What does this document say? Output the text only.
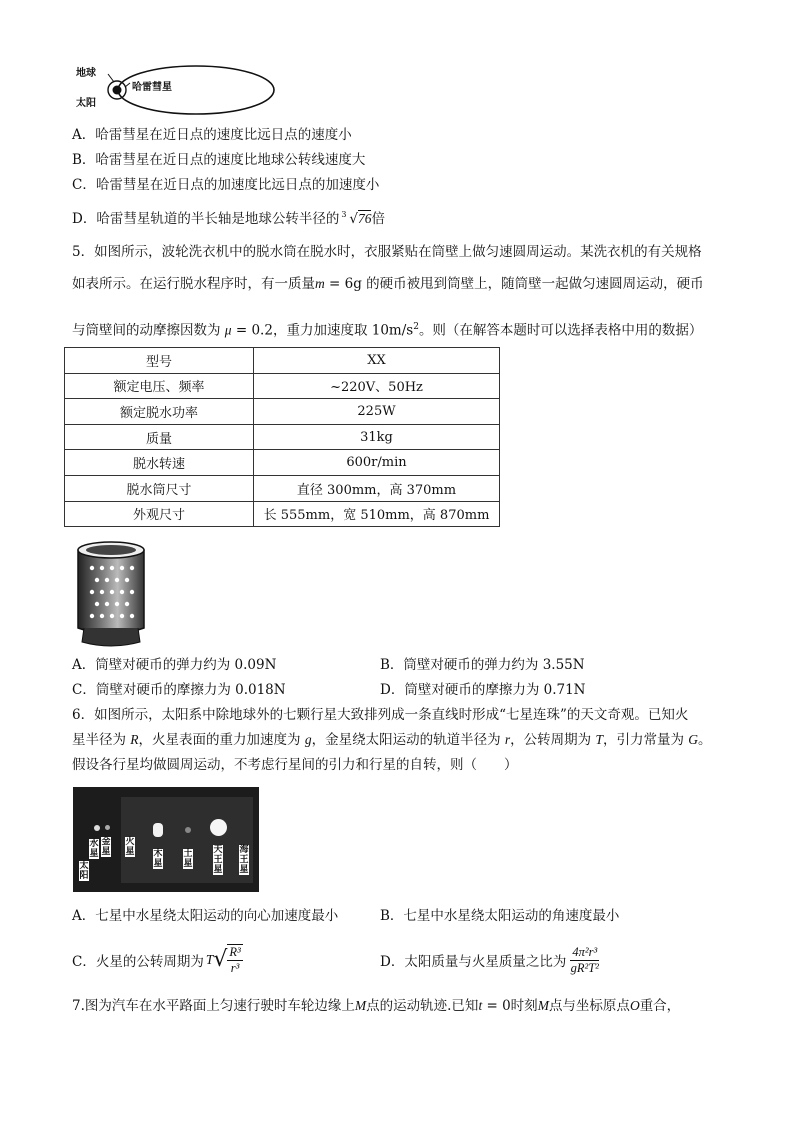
地球
太阳
哈雷彗星
A．哈雷彗星在近日点的速度比远日点的速度小
B．哈雷彗星在近日点的速度比地球公转线速度大
C．哈雷彗星在近日点的加速度比远日点的加速度小
D．哈雷彗星轨道的半长轴是地球公转半径的 3 √76倍
5．如图所示，波轮洗衣机中的脱水筒在脱水时，衣服紧贴在筒壁上做匀速圆周运动。某洗衣机的有关规格
如表所示。在运行脱水程序时，有一质量m = 6g 的硬币被甩到筒壁上，随筒壁一起做匀速圆周运动，硬币
与筒壁间的动摩擦因数为 μ = 0.2，重力加速度取 $10m/s^2$。则（在解答本题时可以选择表格中用的数据）
型号	XX
额定电压、频率	~220V、50Hz
额定脱水功率	225W
质量	31kg
脱水转速	600r/min
脱水筒尺寸	直径 300mm，高 370mm
外观尺寸	长 555mm，宽 510mm，高 870mm
A．筒壁对硬币的弹力约为 0.09N	B．筒壁对硬币的弹力约为 3.55N
C．筒壁对硬币的摩擦力为 0.018N	D．筒壁对硬币的摩擦力为 0.71N
6．如图所示，太阳系中除地球外的七颗行星大致排列成一条直线时形成“七星连珠”的天文奇观。已知火
星半径为 R，火星表面的重力加速度为 g，金星绕太阳运动的轨道半径为 r，公转周期为 T，引力常量为 G。
假设各行星均做圆周运动，不考虑行星间的引力和行星的自转，则（　　）
太阳
水星
金星
火星 木星
土星
天王星
海王星
A．七星中水星绕太阳运动的向心加速度最小	B．七星中水星绕太阳运动的角速度最小
C．火星的公转周期为 T √ $\frac{\text{R³}}{\text{r³}}$	D．太阳质量与火星质量之比为 $\frac{\text{4π²r³}}{\text{gR²T²}}$
7.图为汽车在水平路面上匀速行驶时车轮边缘上M点的运动轨迹.已知t = 0时刻M点与坐标原点O重合，
